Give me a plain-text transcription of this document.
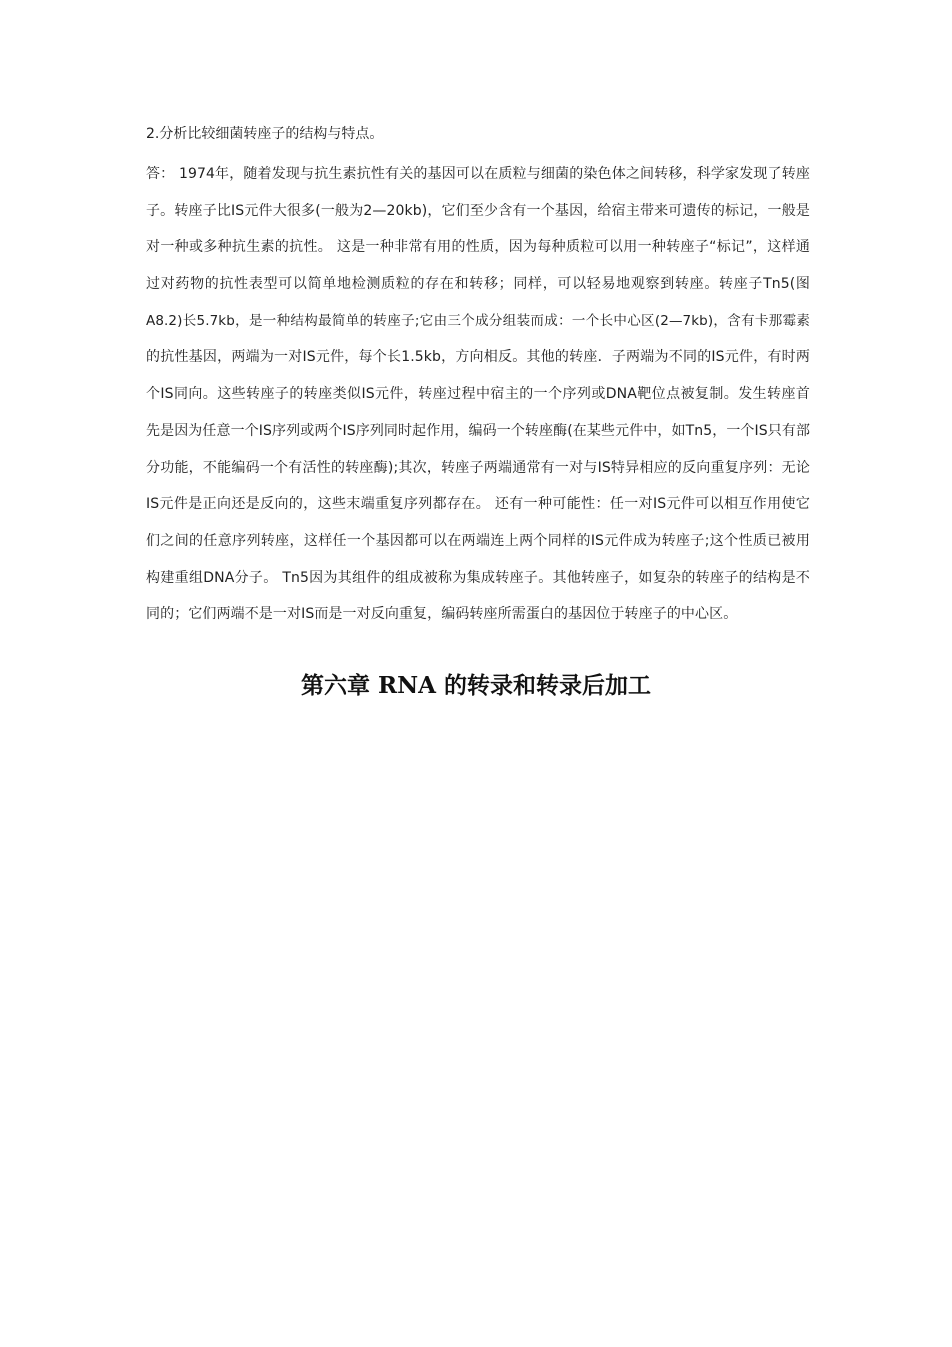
2.分析比较细菌转座子的结构与特点。
答： 1974年，随着发现与抗生素抗性有关的基因可以在质粒与细菌的染色体之间转移，科学家发现了转座
子。转座子比IS元件大很多(一般为2—20kb)，它们至少含有一个基因，给宿主带来可遗传的标记，一般是
对一种或多种抗生素的抗性。 这是一种非常有用的性质，因为每种质粒可以用一种转座子“标记”，这样通
过对药物的抗性表型可以简单地检测质粒的存在和转移；同样，可以轻易地观察到转座。转座子Tn5(图
A8.2)长5.7kb，是一种结构最简单的转座子;它由三个成分组装而成：一个长中心区(2—7kb)，含有卡那霉素
的抗性基因，两端为一对IS元件，每个长1.5kb，方向相反。其他的转座．子两端为不同的IS元件，有时两
个IS同向。这些转座子的转座类似IS元件，转座过程中宿主的一个序列或DNA靶位点被复制。发生转座首
先是因为任意一个IS序列或两个IS序列同时起作用，编码一个转座酶(在某些元件中，如Tn5，一个IS只有部
分功能，不能编码一个有活性的转座酶);其次，转座子两端通常有一对与IS特异相应的反向重复序列：无论
IS元件是正向还是反向的，这些末端重复序列都存在。 还有一种可能性：任一对IS元件可以相互作用使它
们之间的任意序列转座，这样任一个基因都可以在两端连上两个同样的IS元件成为转座子;这个性质已被用
构建重组DNA分子。 Tn5因为其组件的组成被称为集成转座子。其他转座子，如复杂的转座子的结构是不
同的；它们两端不是一对IS而是一对反向重复，编码转座所需蛋白的基因位于转座子的中心区。
第六章 RNA 的转录和转录后加工
